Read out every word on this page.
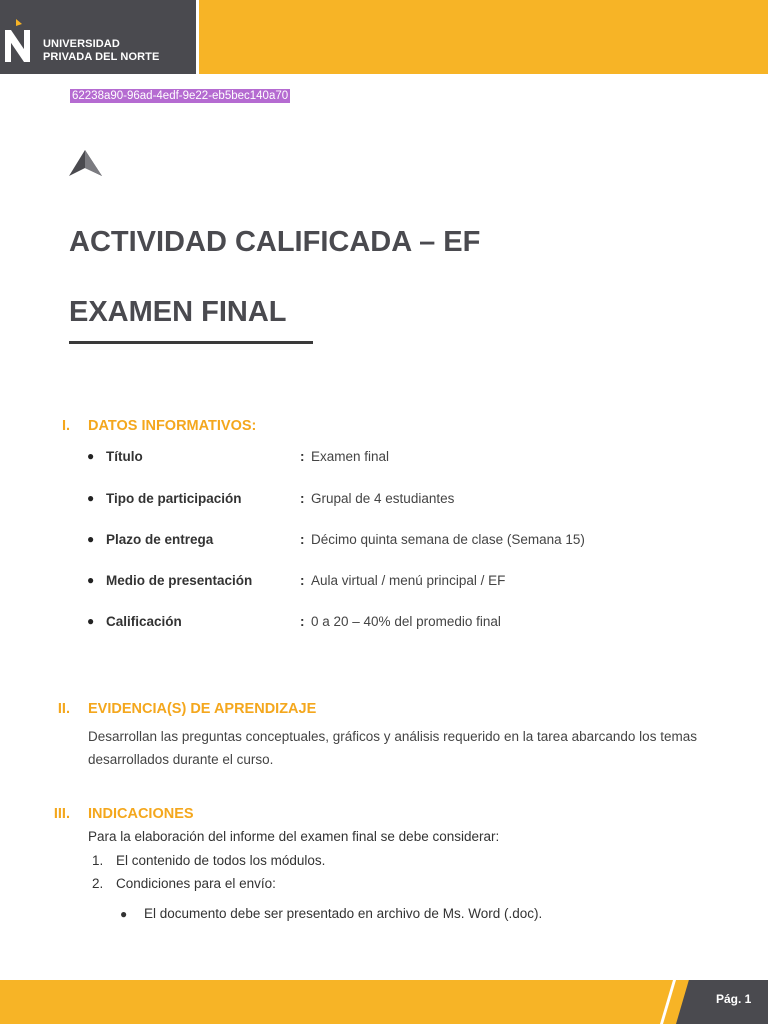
UNIVERSIDAD
PRIVADA DEL NORTE
62238a90-96ad-4edf-9e22-eb5bec140a70
ACTIVIDAD CALIFICADA – EF
EXAMEN FINAL
I. DATOS INFORMATIVOS:
● Título	: Examen final
● Tipo de participación	: Grupal de 4 estudiantes
● Plazo de entrega	: Décimo quinta semana de clase (Semana 15)
● Medio de presentación	: Aula virtual / menú principal / EF
● Calificación	: 0 a 20 – 40% del promedio final
II. EVIDENCIA(S) DE APRENDIZAJE

Desarrollan las preguntas conceptuales, gráficos y análisis requerido en la tarea abarcando los temas desarrollados durante el curso.

III. INDICACIONES
Para la elaboración del informe del examen final se debe considerar:
1. El contenido de todos los módulos.
2. Condiciones para el envío:
● El documento debe ser presentado en archivo de Ms. Word (.doc).
Pág. 1
